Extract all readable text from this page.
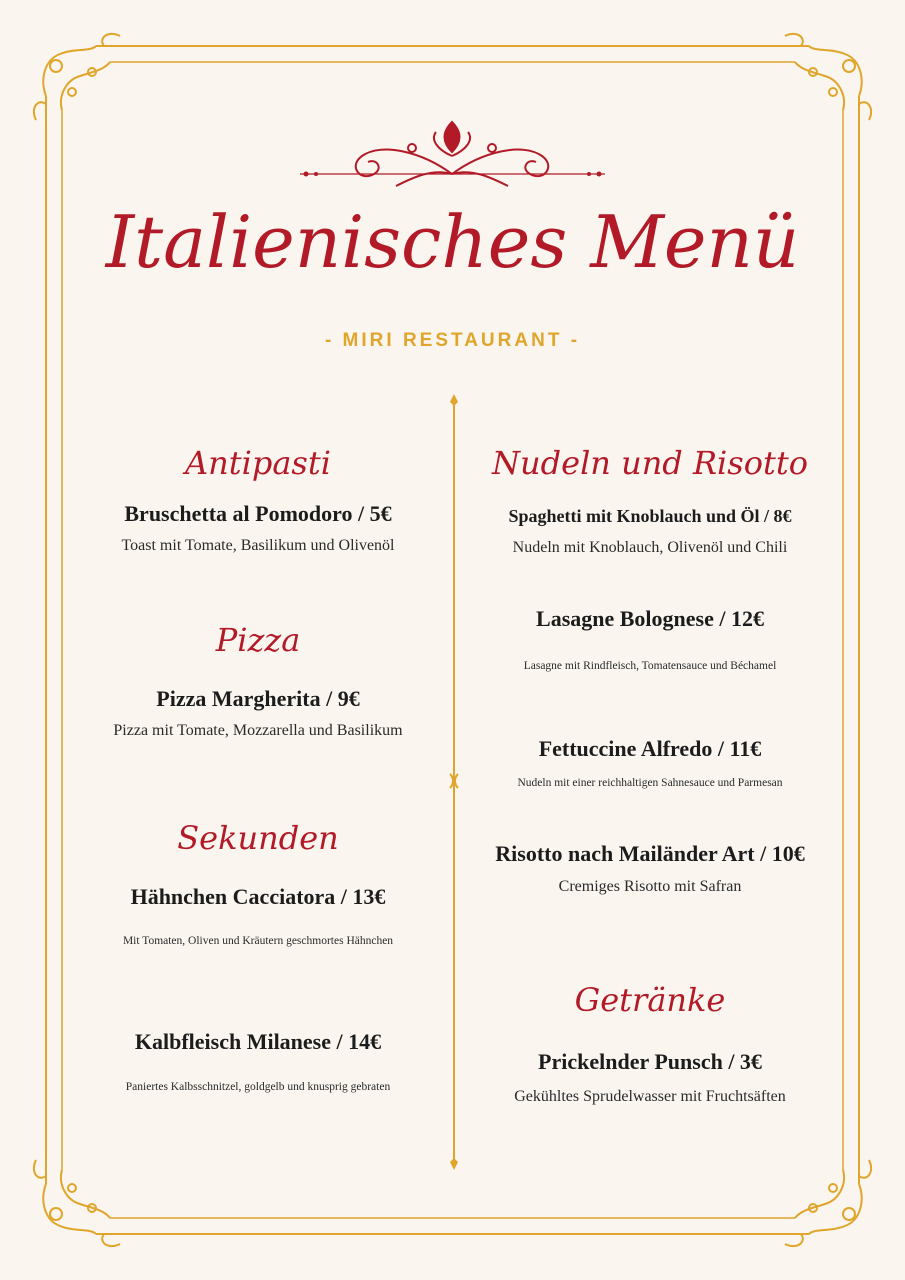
Italienisches Menü
- MIRI RESTAURANT -
Antipasti
Bruschetta al Pomodoro / 5€
Toast mit Tomate, Basilikum und Olivenöl
Pizza
Pizza Margherita / 9€
Pizza mit Tomate, Mozzarella und Basilikum
Sekunden
Hähnchen Cacciatora / 13€
Mit Tomaten, Oliven und Kräutern geschmortes Hähnchen
Kalbfleisch Milanese / 14€
Paniertes Kalbsschnitzel, goldgelb und knusprig gebraten
Nudeln und Risotto
Spaghetti mit Knoblauch und Öl / 8€
Nudeln mit Knoblauch, Olivenöl und Chili
Lasagne Bolognese / 12€
Lasagne mit Rindfleisch, Tomatensauce und Béchamel
Fettuccine Alfredo / 11€
Nudeln mit einer reichhaltigen Sahnesauce und Parmesan
Risotto nach Mailänder Art / 10€
Cremiges Risotto mit Safran
Getränke
Prickelnder Punsch / 3€
Gekühltes Sprudelwasser mit Fruchtsäften
